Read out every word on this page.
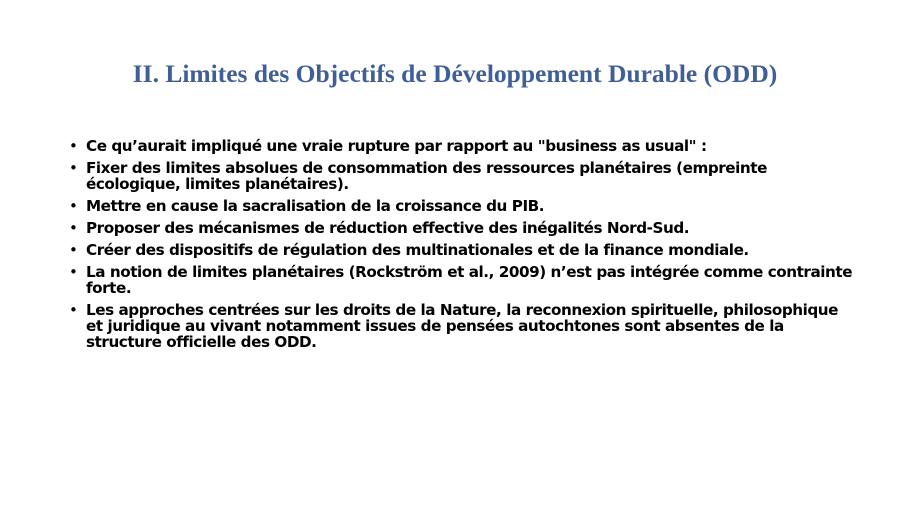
II. Limites des Objectifs de Développement Durable (ODD)
• Ce qu’aurait impliqué une vraie rupture par rapport au "business as usual" :
• Fixer des limites absolues de consommation des ressources planétaires (empreinte écologique, limites planétaires).
• Mettre en cause la sacralisation de la croissance du PIB.
• Proposer des mécanismes de réduction effective des inégalités Nord-Sud.
• Créer des dispositifs de régulation des multinationales et de la finance mondiale.
• La notion de limites planétaires (Rockström et al., 2009) n’est pas intégrée comme contrainte forte.
• Les approches centrées sur les droits de la Nature, la reconnexion spirituelle, philosophique et juridique au vivant notamment issues de pensées autochtones sont absentes de la structure officielle des ODD.
